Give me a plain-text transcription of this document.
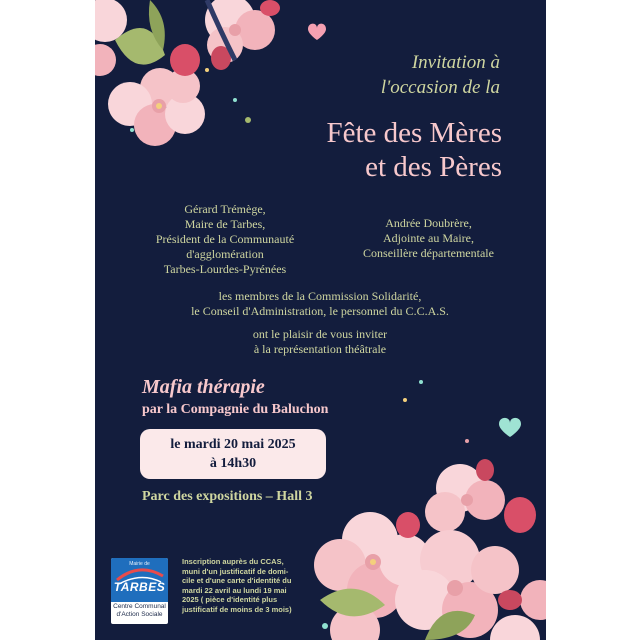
Invitation à
l'occasion de la

Fête des Mères
et des Pères

Gérard Trémège,
Maire de Tarbes,
Président de la Communauté
d'agglomération
Tarbes-Lourdes-Pyrénées

Andrée Doubrère,
Adjointe au Maire,
Conseillère départementale

les membres de la Commission Solidarité,
le Conseil d'Administration, le personnel du C.C.A.S.

ont le plaisir de vous inviter
à la représentation théâtrale

Mafia thérapie

par la Compagnie du Baluchon

le mardi 20 mai 2025
à 14h30

Parc des expositions – Hall 3

Mairie de
TARBES
Centre Communal
d'Action Sociale

Inscription auprès du CCAS,
muni d'un justificatif de domi-
cile et d'une carte d'identité du
mardi 22 avril au lundi 19 mai
2025 ( pièce d'identité plus
justificatif de moins de 3 mois)
